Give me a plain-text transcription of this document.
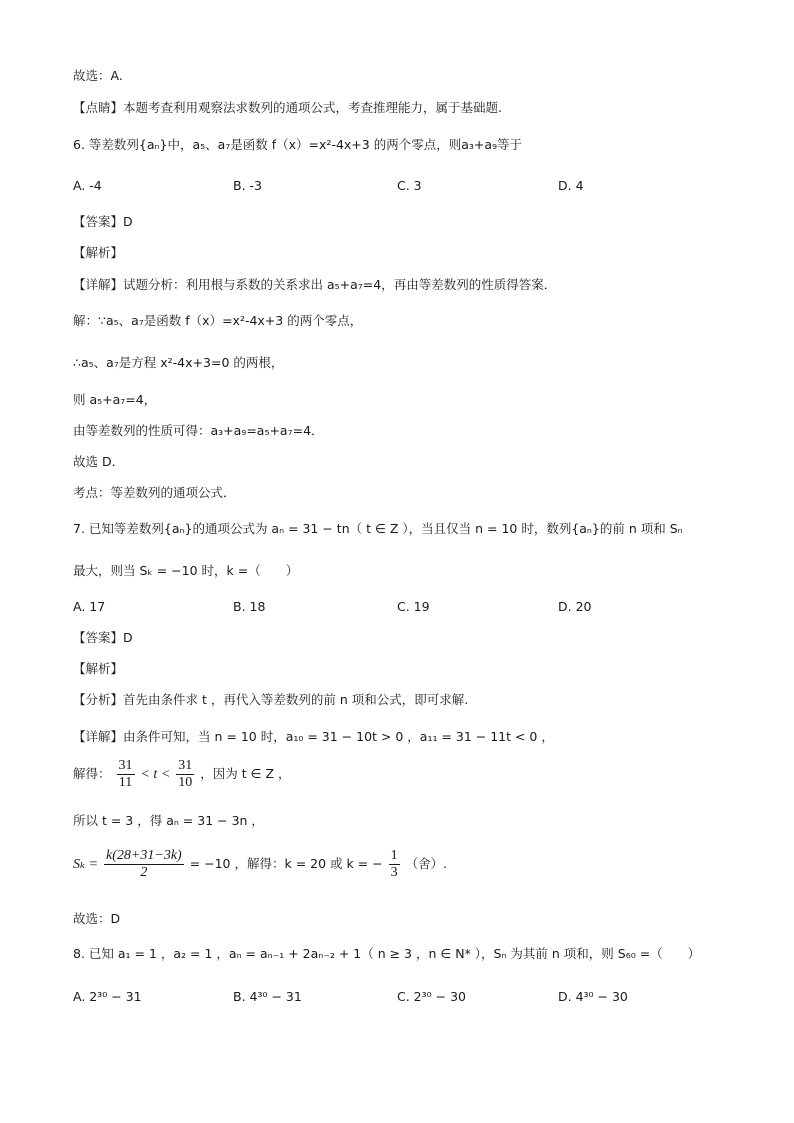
故选：A.
【点睛】本题考查利用观察法求数列的通项公式，考查推理能力，属于基础题.
6. 等差数列{aₙ}中，a₅、a₇是函数 f（x）=x²-4x+3 的两个零点，则a₃+a₉等于
A. -4	B. -3	C. 3	D. 4
【答案】D
【解析】
【详解】试题分析：利用根与系数的关系求出 a₅+a₇=4，再由等差数列的性质得答案．
解：∵a₅、a₇是函数 f（x）=x²-4x+3 的两个零点，
∴a₅、a₇是方程 x²-4x+3=0 的两根，
则 a₅+a₇=4，
由等差数列的性质可得：a₃+a₉=a₅+a₇=4．
故选 D．
考点：等差数列的通项公式．
7. 已知等差数列{aₙ}的通项公式为 aₙ = 31 − tn（ t ∈ Z ），当且仅当 n = 10 时，数列{aₙ}的前 n 项和 Sₙ
最大，则当 Sₖ = −10 时，k =（　　）
A. 17	B. 18	C. 19	D. 20
【答案】D
【解析】
【分析】首先由条件求 t ，再代入等差数列的前 n 项和公式，即可求解.
【详解】由条件可知，当 n = 10 时，a₁₀ = 31 − 10t > 0 ，a₁₁ = 31 − 11t < 0 ，
解得： $\frac{31}{11} < t < \frac{31}{10}$ ，因为 t ∈ Z ，
所以 t = 3 ，得 aₙ = 31 − 3n ，
$S_k = \frac{k(28+31-3k)}{2} = -10$ ，解得：k = 20 或 k = − $\frac{1}{3}$ （舍）.
故选：D
8. 已知 a₁ = 1 ，a₂ = 1 ，aₙ = aₙ₋₁ + 2aₙ₋₂ + 1（ n ≥ 3 ，n ∈ N* ），Sₙ 为其前 n 项和，则 S₆₀ =（　　）
A. 2³⁰ − 31	B. 4³⁰ − 31	C. 2³⁰ − 30	D. 4³⁰ − 30
